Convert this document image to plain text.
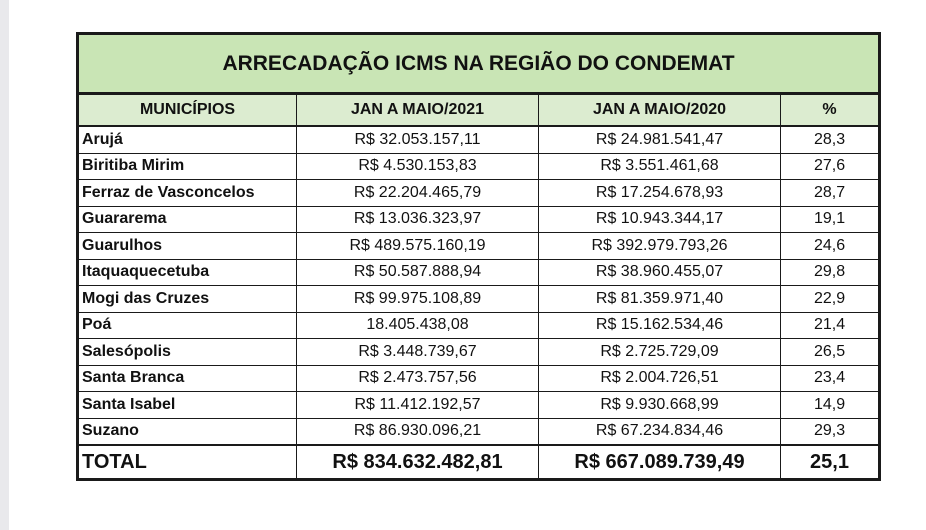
ARRECADAÇÃO ICMS NA REGIÃO DO CONDEMAT			
MUNICÍPIOS	JAN A MAIO/2021	JAN A MAIO/2020	%
Arujá	R$ 32.053.157,11	R$ 24.981.541,47	28,3
Biritiba Mirim	R$ 4.530.153,83	R$ 3.551.461,68	27,6
Ferraz de Vasconcelos	R$ 22.204.465,79	R$ 17.254.678,93	28,7
Guararema	R$ 13.036.323,97	R$ 10.943.344,17	19,1
Guarulhos	R$ 489.575.160,19	R$ 392.979.793,26	24,6
Itaquaquecetuba	R$ 50.587.888,94	R$ 38.960.455,07	29,8
Mogi das Cruzes	R$ 99.975.108,89	R$ 81.359.971,40	22,9
Poá	18.405.438,08	R$ 15.162.534,46	21,4
Salesópolis	R$ 3.448.739,67	R$ 2.725.729,09	26,5
Santa Branca	R$ 2.473.757,56	R$ 2.004.726,51	23,4
Santa Isabel	R$ 11.412.192,57	R$ 9.930.668,99	14,9
Suzano	R$ 86.930.096,21	R$ 67.234.834,46	29,3
TOTAL	R$ 834.632.482,81	R$ 667.089.739,49	25,1
